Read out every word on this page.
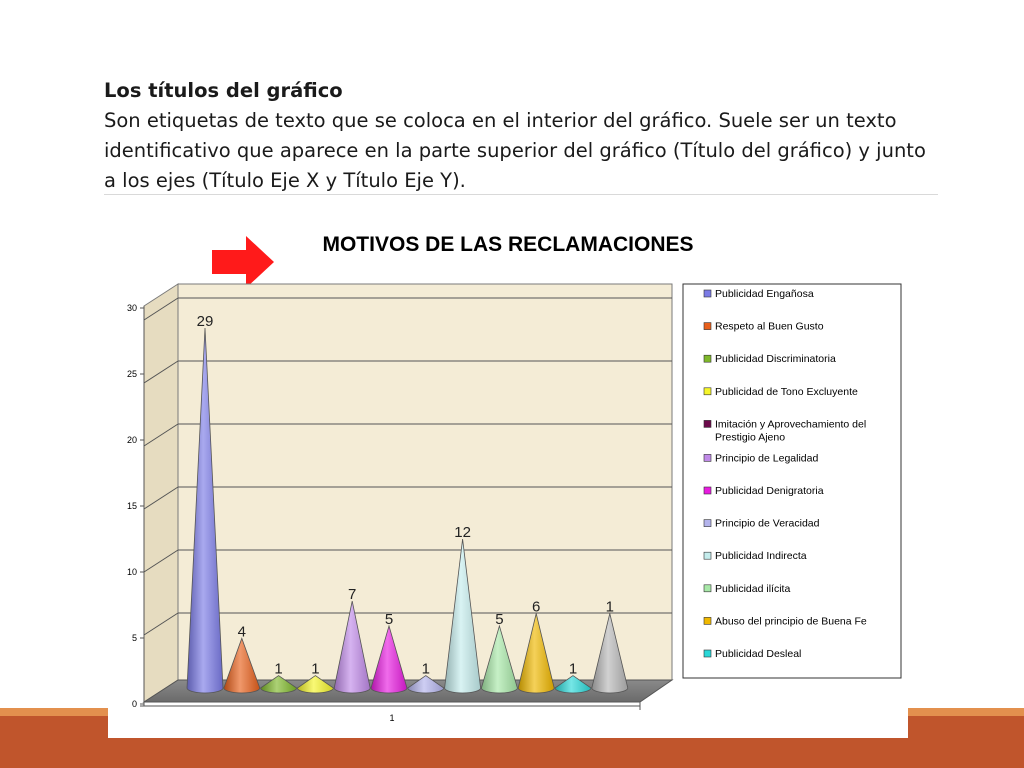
Los títulos del gráfico
Son etiquetas de texto que se coloca en el interior del gráfico. Suele ser un texto identificativo que aparece en la parte superior del gráfico (Título del gráfico) y junto a los ejes (Título Eje X y Título Eje Y).
MOTIVOS DE LAS RECLAMACIONES
0
5
10
15
20
25
30
1
29
4
1 1
7
5
1
12
5
6
1
1
Publicidad Engañosa
Respeto al Buen Gusto
Publicidad Discriminatoria
Publicidad de Tono Excluyente
Imitación y Aprovechamiento del Prestigio Ajeno
Principio de Legalidad
Publicidad Denigratoria
Principio de Veracidad
Publicidad Indirecta
Publicidad ilícita
Abuso del principio de Buena Fe
Publicidad Desleal
